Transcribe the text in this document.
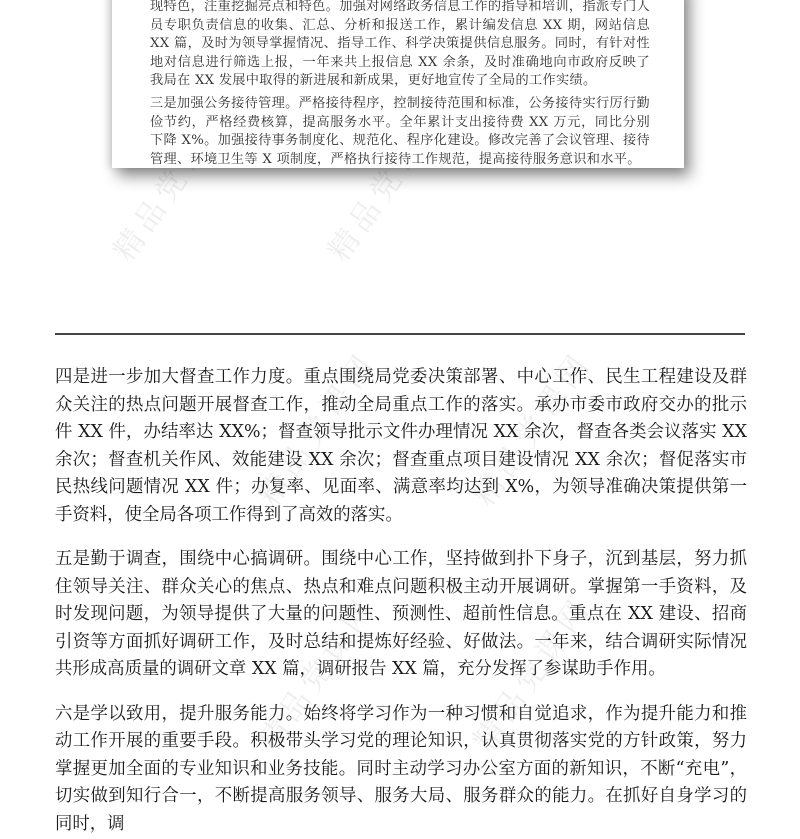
精品党课网	精品党课网
精品党课网	精品党课网
精品党课网	精品党课网

现特色，注重挖掘亮点和特色。加强对网络政务信息工作的指导和培训，指派专门人员专职负责信息的收集、汇总、分析和报送工作，累计编发信息 XX 期，网站信息 XX 篇，及时为领导掌握情况、指导工作、科学决策提供信息服务。同时，有针对性地对信息进行筛选上报，一年来共上报信息 XX 余条，及时准确地向市政府反映了我局在 XX 发展中取得的新进展和新成果，更好地宣传了全局的工作实绩。

三是加强公务接待管理。严格接待程序，控制接待范围和标准，公务接待实行厉行勤俭节约，严格经费核算，提高服务水平。全年累计支出接待费 XX 万元，同比分别下降 X%。加强接待事务制度化、规范化、程序化建设。修改完善了会议管理、接待管理、环境卫生等 X 项制度，严格执行接待工作规范，提高接待服务意识和水平。

四是进一步加大督查工作力度。重点围绕局党委决策部署、中心工作、民生工程建设及群众关注的热点问题开展督查工作，推动全局重点工作的落实。承办市委市政府交办的批示件 XX 件，办结率达 XX%；督查领导批示文件办理情况 XX 余次，督查各类会议落实 XX 余次；督查机关作风、效能建设 XX 余次；督查重点项目建设情况 XX 余次；督促落实市民热线问题情况 XX 件；办复率、见面率、满意率均达到 X%，为领导准确决策提供第一手资料，使全局各项工作得到了高效的落实。

五是勤于调查，围绕中心搞调研。围绕中心工作，坚持做到扑下身子，沉到基层，努力抓住领导关注、群众关心的焦点、热点和难点问题积极主动开展调研。掌握第一手资料，及时发现问题，为领导提供了大量的问题性、预测性、超前性信息。重点在 XX 建设、招商引资等方面抓好调研工作，及时总结和提炼好经验、好做法。一年来，结合调研实际情况共形成高质量的调研文章 XX 篇，调研报告 XX 篇，充分发挥了参谋助手作用。

六是学以致用，提升服务能力。始终将学习作为一种习惯和自觉追求，作为提升能力和推动工作开展的重要手段。积极带头学习党的理论知识，认真贯彻落实党的方针政策，努力掌握更加全面的专业知识和业务技能。同时主动学习办公室方面的新知识，不断“充电”，切实做到知行合一，不断提高服务领导、服务大局、服务群众的能力。在抓好自身学习的同时，调
